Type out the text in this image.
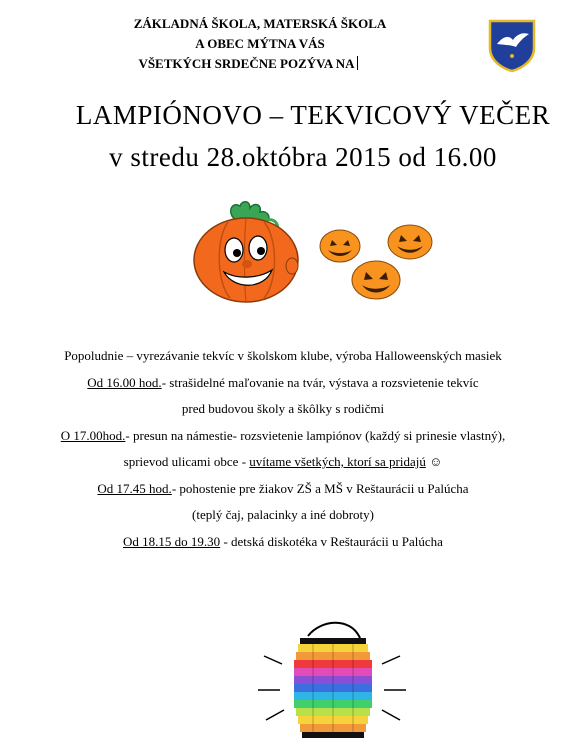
ZÁKLADNÁ ŠKOLA, MATERSKÁ ŠKOLA
A OBEC MÝTNA VÁS
VŠETKÝCH SRDEČNE POZÝVA NA
LAMPIÓNOVO – TEKVICOVÝ VEČER
v stredu 28.októbra 2015 od 16.00
Popoludnie – vyrezávanie tekvíc v školskom klube, výroba Halloweenských masiek
Od 16.00 hod.- strašidelné maľovanie na tvár, výstava a rozsvietenie tekvíc
pred budovou školy a škôlky s rodičmi
O 17.00hod.- presun na námestie- rozsvietenie lampiónov (každý si prinesie vlastný),
sprievod ulicami obce - uvítame všetkých, ktorí sa pridajú ☺
Od 17.45 hod.- pohostenie pre žiakov ZŠ a MŠ v Reštaurácii u Palúcha
(teplý čaj, palacinky a iné dobroty)
Od 18.15 do 19.30 - detská diskotéka v Reštaurácii u Palúcha
